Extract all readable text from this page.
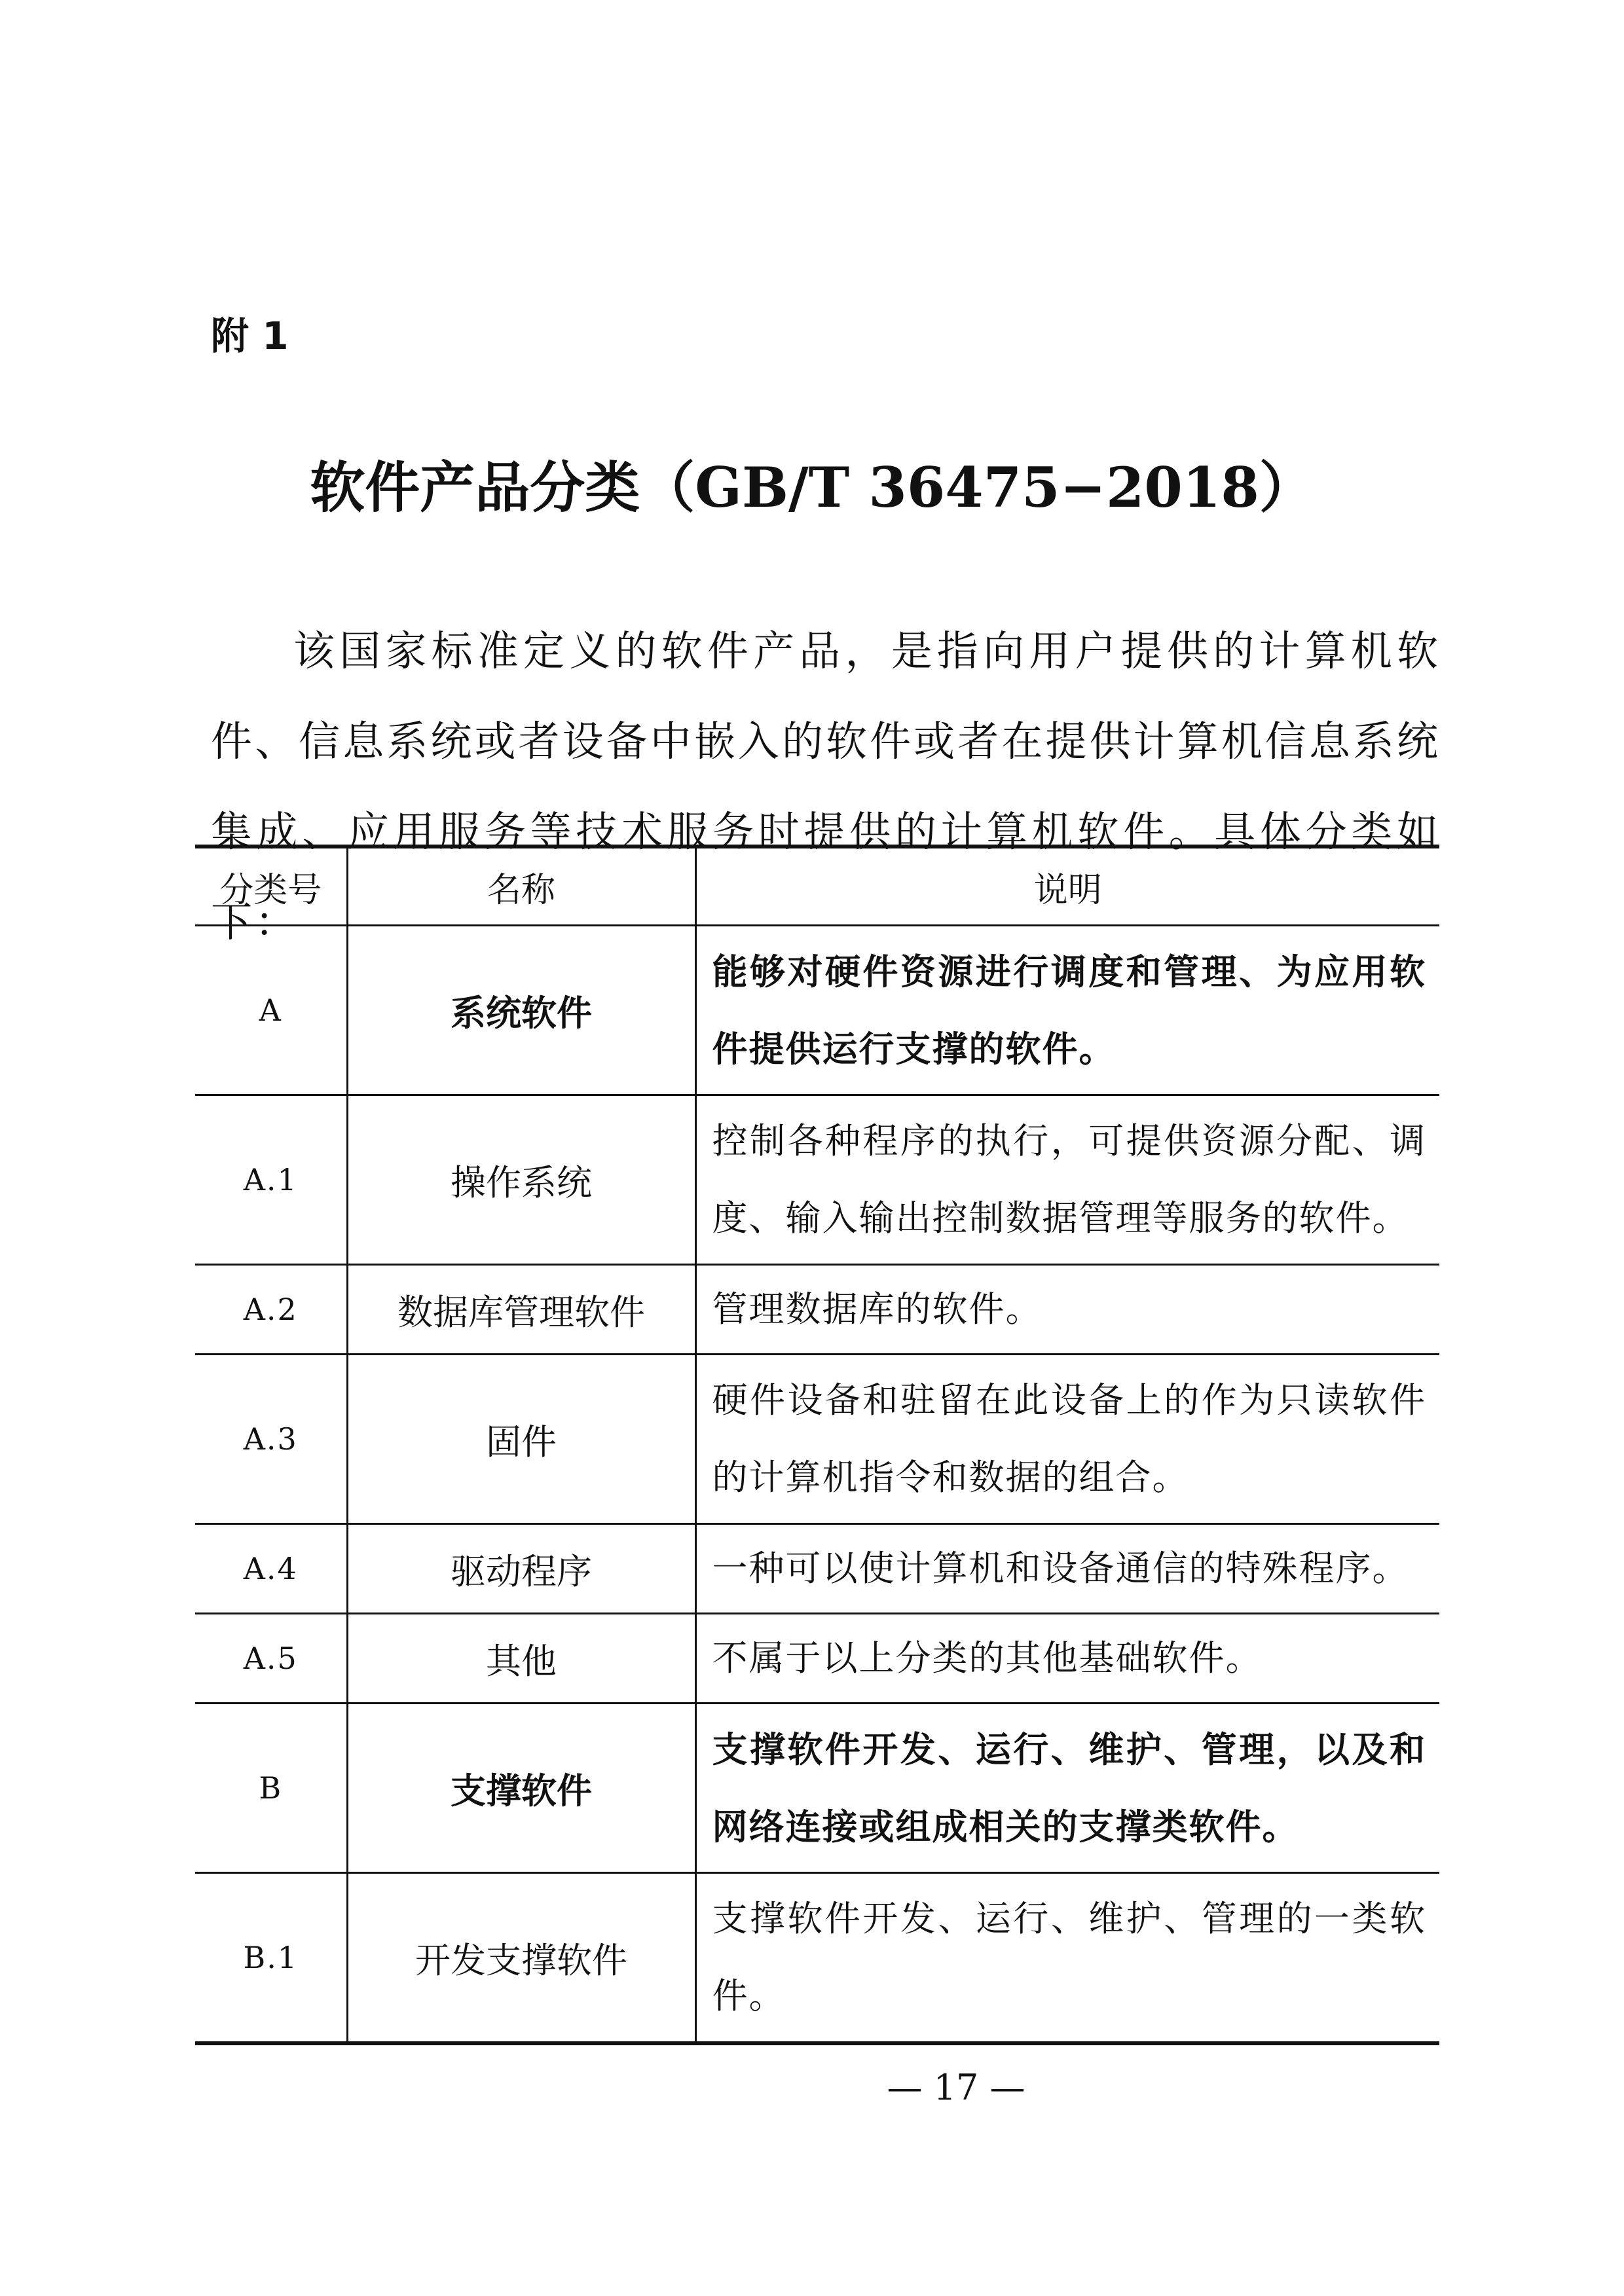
附 1
软件产品分类（GB/T 36475−2018）

该国家标准定义的软件产品，是指向用户提供的计算机软件、信息系统或者设备中嵌入的软件或者在提供计算机信息系统集成、应用服务等技术服务时提供的计算机软件。具体分类如下：

分类号	名称	说明
A	系统软件	能够对硬件资源进行调度和管理、为应用软件提供运行支撑的软件。
A.1	操作系统	控制各种程序的执行，可提供资源分配、调度、输入输出控制数据管理等服务的软件。
A.2	数据库管理软件	管理数据库的软件。
A.3	固件	硬件设备和驻留在此设备上的作为只读软件的计算机指令和数据的组合。
A.4	驱动程序	一种可以使计算机和设备通信的特殊程序。
A.5	其他	不属于以上分类的其他基础软件。
B	支撑软件	支撑软件开发、运行、维护、管理，以及和网络连接或组成相关的支撑类软件。
B.1	开发支撑软件	支撑软件开发、运行、维护、管理的一类软件。
— 17 —
